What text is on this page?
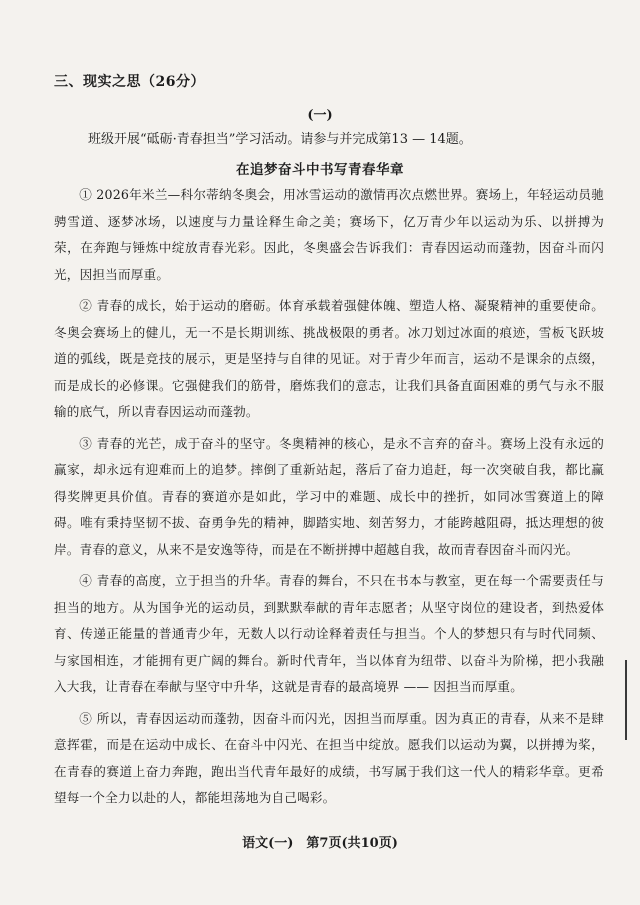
三、现实之思（26分）
(一)
班级开展“砥砺·青春担当”学习活动。请参与并完成第13 — 14题。
在追梦奋斗中书写青春华章

① 2026年米兰—科尔蒂纳冬奥会，用冰雪运动的激情再次点燃世界。赛场上，年轻运动员驰骋雪道、逐梦冰场，以速度与力量诠释生命之美；赛场下，亿万青少年以运动为乐、以拼搏为荣，在奔跑与锤炼中绽放青春光彩。因此，冬奥盛会告诉我们：青春因运动而蓬勃，因奋斗而闪光，因担当而厚重。

② 青春的成长，始于运动的磨砺。体育承载着强健体魄、塑造人格、凝聚精神的重要使命。冬奥会赛场上的健儿，无一不是长期训练、挑战极限的勇者。冰刀划过冰面的痕迹，雪板飞跃坡道的弧线，既是竞技的展示，更是坚持与自律的见证。对于青少年而言，运动不是课余的点缀，而是成长的必修课。它强健我们的筋骨，磨炼我们的意志，让我们具备直面困难的勇气与永不服输的底气，所以青春因运动而蓬勃。

③ 青春的光芒，成于奋斗的坚守。冬奥精神的核心，是永不言弃的奋斗。赛场上没有永远的赢家，却永远有迎难而上的追梦。摔倒了重新站起，落后了奋力追赶，每一次突破自我，都比赢得奖牌更具价值。青春的赛道亦是如此，学习中的难题、成长中的挫折，如同冰雪赛道上的障碍。唯有秉持坚韧不拔、奋勇争先的精神，脚踏实地、刻苦努力，才能跨越阻碍，抵达理想的彼岸。青春的意义，从来不是安逸等待，而是在不断拼搏中超越自我，故而青春因奋斗而闪光。

④ 青春的高度，立于担当的升华。青春的舞台，不只在书本与教室，更在每一个需要责任与担当的地方。从为国争光的运动员，到默默奉献的青年志愿者；从坚守岗位的建设者，到热爱体育、传递正能量的普通青少年，无数人以行动诠释着责任与担当。个人的梦想只有与时代同频、与家国相连，才能拥有更广阔的舞台。新时代青年，当以体育为纽带、以奋斗为阶梯，把小我融入大我，让青春在奉献与坚守中升华，这就是青春的最高境界 —— 因担当而厚重。

⑤ 所以，青春因运动而蓬勃，因奋斗而闪光，因担当而厚重。因为真正的青春，从来不是肆意挥霍，而是在运动中成长、在奋斗中闪光、在担当中绽放。愿我们以运动为翼，以拼搏为桨，在青春的赛道上奋力奔跑，跑出当代青年最好的成绩，书写属于我们这一代人的精彩华章。更希望每一个全力以赴的人，都能坦荡地为自己喝彩。

语文(一)　第7页(共10页)
